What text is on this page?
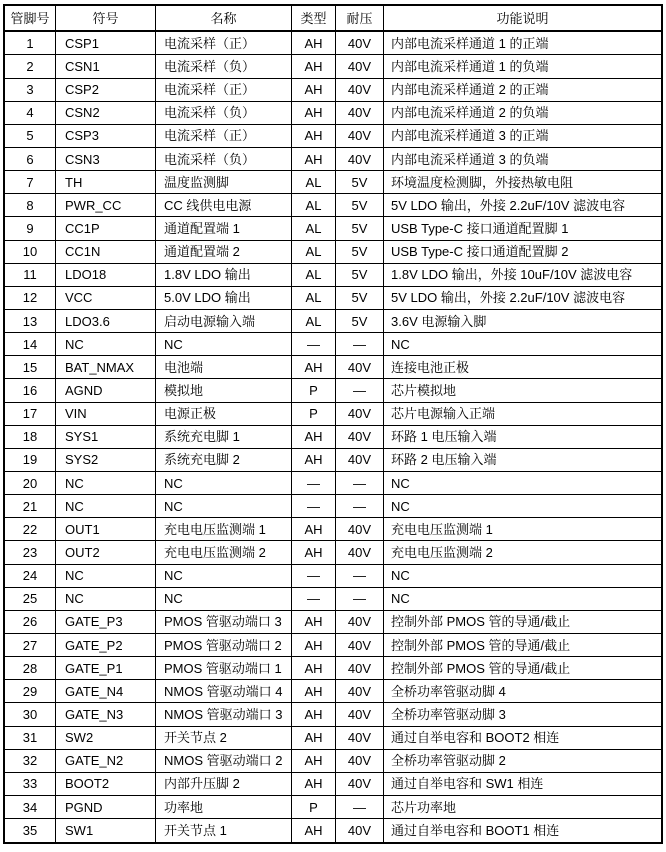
管脚号	符号	名称	类型	耐压	功能说明
1	CSP1	电流采样（正）	AH	40V	内部电流采样通道 1 的正端
2	CSN1	电流采样（负）	AH	40V	内部电流采样通道 1 的负端
3	CSP2	电流采样（正）	AH	40V	内部电流采样通道 2 的正端
4	CSN2	电流采样（负）	AH	40V	内部电流采样通道 2 的负端
5	CSP3	电流采样（正）	AH	40V	内部电流采样通道 3 的正端
6	CSN3	电流采样（负）	AH	40V	内部电流采样通道 3 的负端
7	TH	温度监测脚	AL	5V	环境温度检测脚，外接热敏电阻
8	PWR_CC	CC 线供电电源	AL	5V	5V LDO 输出，外接 2.2uF/10V 滤波电容
9	CC1P	通道配置端 1	AL	5V	USB Type-C 接口通道配置脚 1
10	CC1N	通道配置端 2	AL	5V	USB Type-C 接口通道配置脚 2
11	LDO18	1.8V LDO 输出	AL	5V	1.8V LDO 输出，外接 10uF/10V 滤波电容
12	VCC	5.0V LDO 输出	AL	5V	5V LDO 输出，外接 2.2uF/10V 滤波电容
13	LDO3.6	启动电源输入端	AL	5V	3.6V 电源输入脚
14	NC	NC	—	—	NC
15	BAT_NMAX	电池端	AH	40V	连接电池正极
16	AGND	模拟地	P	—	芯片模拟地
17	VIN	电源正极	P	40V	芯片电源输入正端
18	SYS1	系统充电脚 1	AH	40V	环路 1 电压输入端
19	SYS2	系统充电脚 2	AH	40V	环路 2 电压输入端
20	NC	NC	—	—	NC
21	NC	NC	—	—	NC
22	OUT1	充电电压监测端 1	AH	40V	充电电压监测端 1
23	OUT2	充电电压监测端 2	AH	40V	充电电压监测端 2
24	NC	NC	—	—	NC
25	NC	NC	—	—	NC
26	GATE_P3	PMOS 管驱动端口 3	AH	40V	控制外部 PMOS 管的导通/截止
27	GATE_P2	PMOS 管驱动端口 2	AH	40V	控制外部 PMOS 管的导通/截止
28	GATE_P1	PMOS 管驱动端口 1	AH	40V	控制外部 PMOS 管的导通/截止
29	GATE_N4	NMOS 管驱动端口 4	AH	40V	全桥功率管驱动脚 4
30	GATE_N3	NMOS 管驱动端口 3	AH	40V	全桥功率管驱动脚 3
31	SW2	开关节点 2	AH	40V	通过自举电容和 BOOT2 相连
32	GATE_N2	NMOS 管驱动端口 2	AH	40V	全桥功率管驱动脚 2
33	BOOT2	内部升压脚 2	AH	40V	通过自举电容和 SW1 相连
34	PGND	功率地	P	—	芯片功率地
35	SW1	开关节点 1	AH	40V	通过自举电容和 BOOT1 相连
